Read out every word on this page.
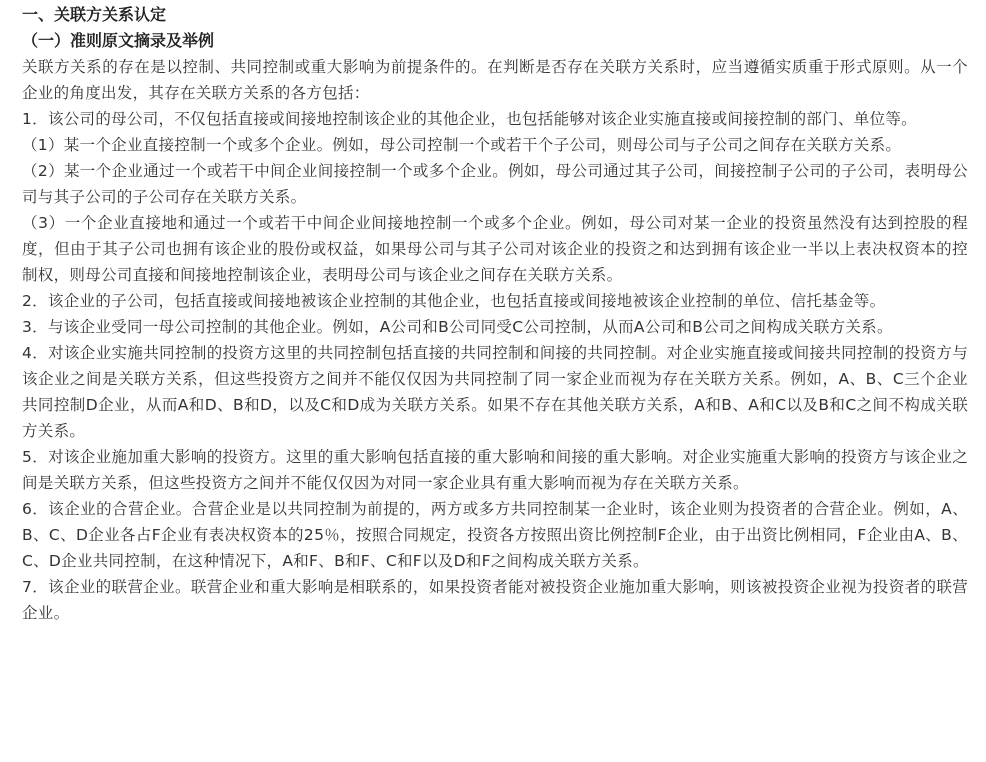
一、关联方关系认定
（一）准则原文摘录及举例

关联方关系的存在是以控制、共同控制或重大影响为前提条件的。在判断是否存在关联方关系时，应当遵循实质重于形式原则。从一个企业的角度出发，其存在关联方关系的各方包括：

1．该公司的母公司，不仅包括直接或间接地控制该企业的其他企业，也包括能够对该企业实施直接或间接控制的部门、单位等。

（1）某一个企业直接控制一个或多个企业。例如，母公司控制一个或若干个子公司，则母公司与子公司之间存在关联方关系。

（2）某一个企业通过一个或若干中间企业间接控制一个或多个企业。例如，母公司通过其子公司，间接控制子公司的子公司，表明母公司与其子公司的子公司存在关联方关系。

（3）一个企业直接地和通过一个或若干中间企业间接地控制一个或多个企业。例如，母公司对某一企业的投资虽然没有达到控股的程度，但由于其子公司也拥有该企业的股份或权益，如果母公司与其子公司对该企业的投资之和达到拥有该企业一半以上表决权资本的控制权，则母公司直接和间接地控制该企业，表明母公司与该企业之间存在关联方关系。

2．该企业的子公司，包括直接或间接地被该企业控制的其他企业，也包括直接或间接地被该企业控制的单位、信托基金等。

3．与该企业受同一母公司控制的其他企业。例如，A公司和B公司同受C公司控制，从而A公司和B公司之间构成关联方关系。

4．对该企业实施共同控制的投资方这里的共同控制包括直接的共同控制和间接的共同控制。对企业实施直接或间接共同控制的投资方与该企业之间是关联方关系，但这些投资方之间并不能仅仅因为共同控制了同一家企业而视为存在关联方关系。例如，A、B、C三个企业共同控制D企业，从而A和D、B和D，以及C和D成为关联方关系。如果不存在其他关联方关系，A和B、A和C以及B和C之间不构成关联方关系。

5．对该企业施加重大影响的投资方。这里的重大影响包括直接的重大影响和间接的重大影响。对企业实施重大影响的投资方与该企业之间是关联方关系，但这些投资方之间并不能仅仅因为对同一家企业具有重大影响而视为存在关联方关系。

6．该企业的合营企业。合营企业是以共同控制为前提的，两方或多方共同控制某一企业时，该企业则为投资者的合营企业。例如，A、B、C、D企业各占F企业有表决权资本的25％，按照合同规定，投资各方按照出资比例控制F企业，由于出资比例相同，F企业由A、B、C、D企业共同控制，在这种情况下，A和F、B和F、C和F以及D和F之间构成关联方关系。

7．该企业的联营企业。联营企业和重大影响是相联系的，如果投资者能对被投资企业施加重大影响，则该被投资企业视为投资者的联营企业。
